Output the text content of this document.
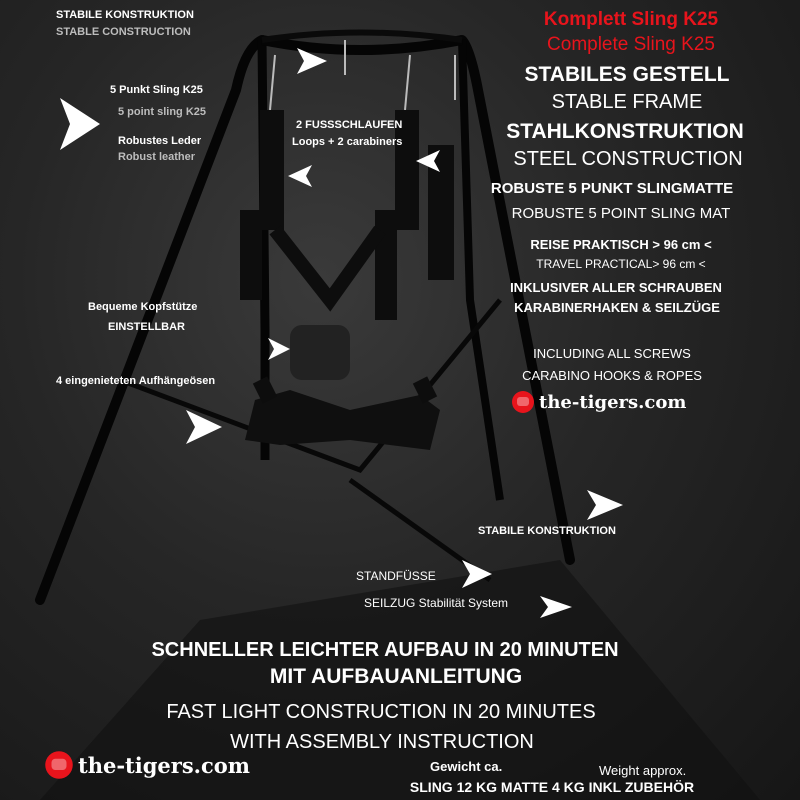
STABILE KONSTRUKTION
STABLE CONSTRUCTION
5 Punkt Sling K25
5 point sling K25
Robustes Leder
Robust leather
Bequeme Kopfstütze
EINSTELLBAR
4 eingenieteten Aufhängeösen
2 FUSSSCHLAUFEN
Loops + 2 carabiners
STABILE KONSTRUKTION
STANDFÜSSE
SEILZUG Stabilität System
Komplett Sling K25
Complete Sling K25
STABILES GESTELL
STABLE FRAME
STAHLKONSTRUKTION
STEEL CONSTRUCTION
ROBUSTE 5 PUNKT SLINGMATTE
ROBUSTE 5 POINT SLING MAT
REISE PRAKTISCH > 96 cm <
TRAVEL PRACTICAL> 96 cm <
INKLUSIVER ALLER SCHRAUBEN
KARABINERHAKEN & SEILZÜGE
INCLUDING ALL SCREWS
CARABINO HOOKS & ROPES
the-tigers.com
SCHNELLER LEICHTER AUFBAU IN 20 MINUTEN
MIT AUFBAUANLEITUNG
FAST LIGHT CONSTRUCTION IN 20 MINUTES
WITH ASSEMBLY INSTRUCTION
Gewicht ca.	Weight approx.
SLING 12 KG MATTE 4 KG INKL ZUBEHÖR
the-tigers.com
